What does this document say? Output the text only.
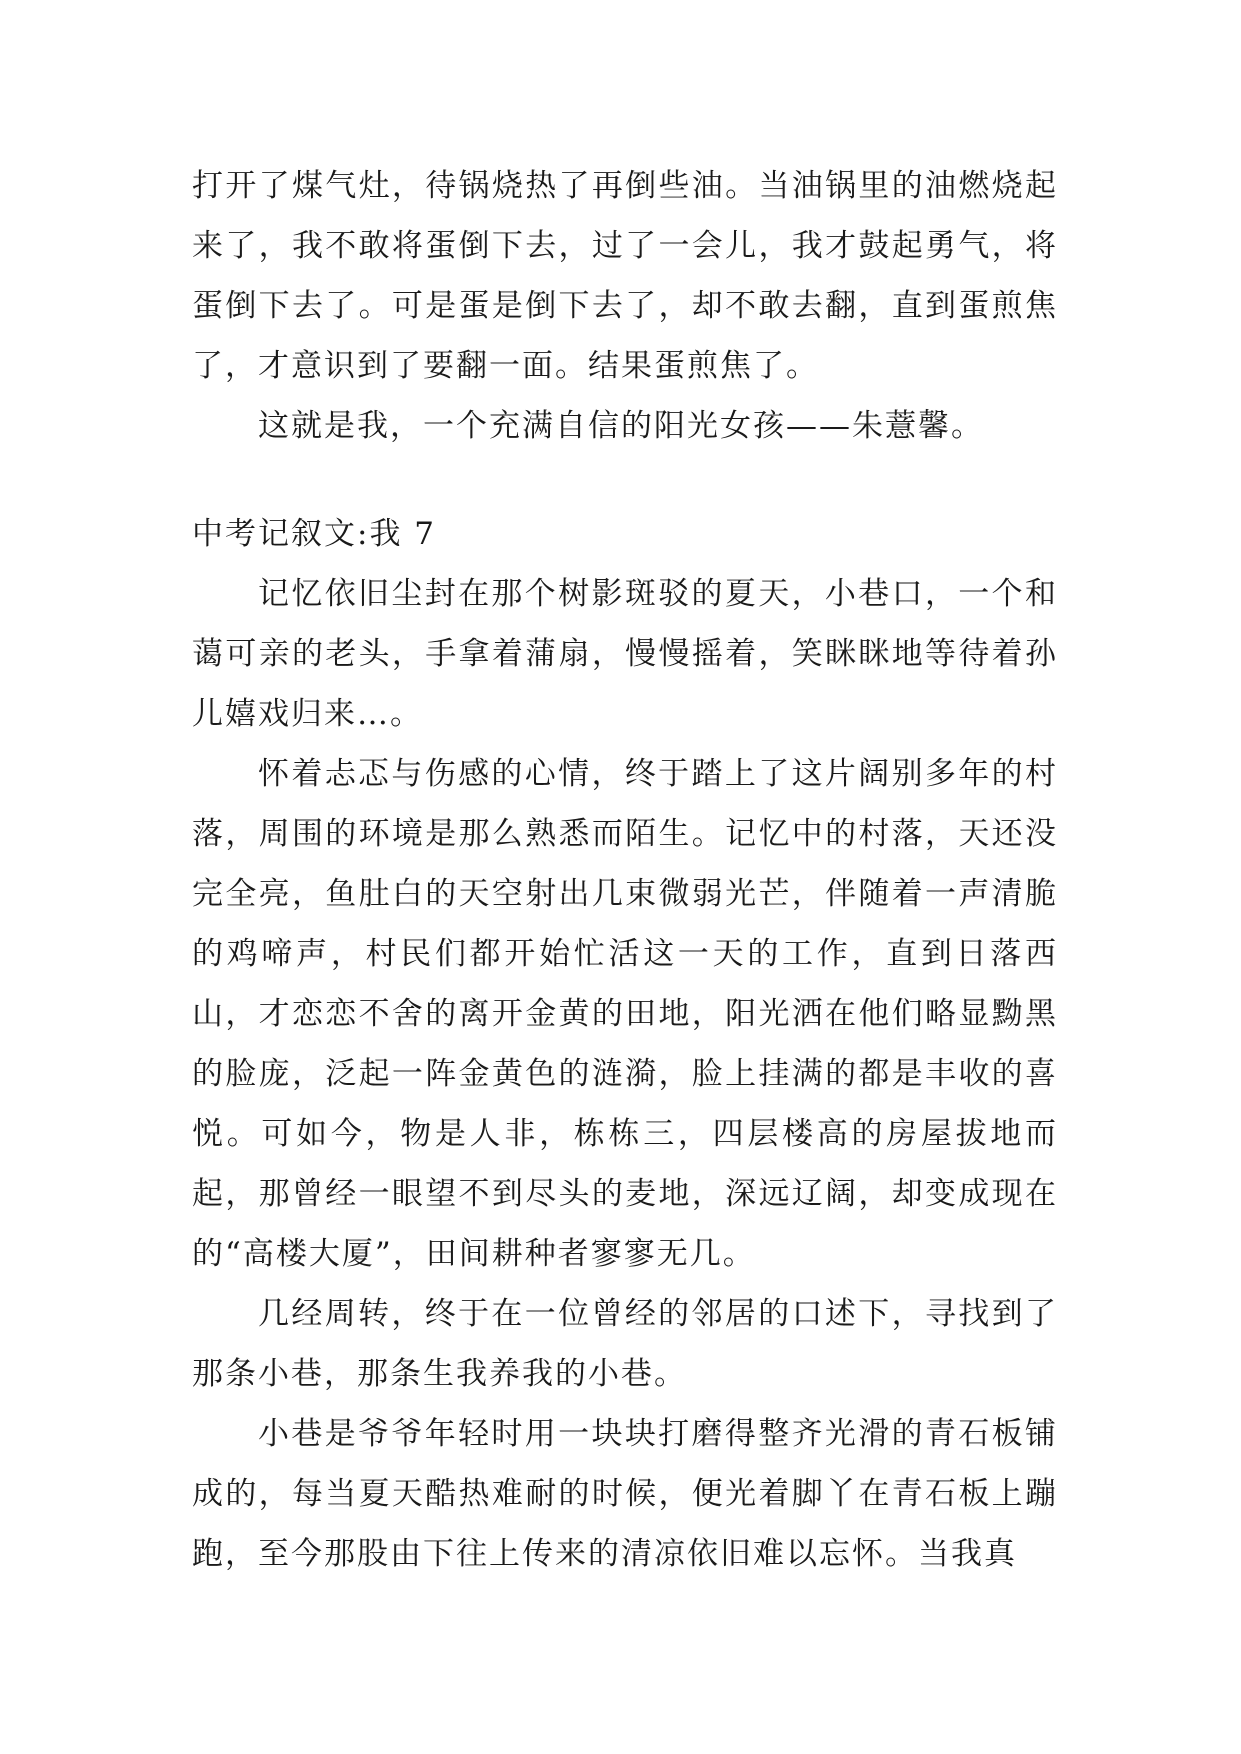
打开了煤气灶，待锅烧热了再倒些油。当油锅里的油燃烧起来了，我不敢将蛋倒下去，过了一会儿，我才鼓起勇气，将蛋倒下去了。可是蛋是倒下去了，却不敢去翻，直到蛋煎焦了，才意识到了要翻一面。结果蛋煎焦了。

这就是我，一个充满自信的阳光女孩——朱薏馨。

中考记叙文:我 7

记忆依旧尘封在那个树影斑驳的夏天，小巷口，一个和蔼可亲的老头，手拿着蒲扇，慢慢摇着，笑眯眯地等待着孙儿嬉戏归来…。

怀着忐忑与伤感的心情，终于踏上了这片阔别多年的村落，周围的环境是那么熟悉而陌生。记忆中的村落，天还没完全亮，鱼肚白的天空射出几束微弱光芒，伴随着一声清脆的鸡啼声，村民们都开始忙活这一天的工作，直到日落西山，才恋恋不舍的离开金黄的田地，阳光洒在他们略显黝黑的脸庞，泛起一阵金黄色的涟漪，脸上挂满的都是丰收的喜悦。可如今，物是人非，栋栋三，四层楼高的房屋拔地而起，那曾经一眼望不到尽头的麦地，深远辽阔，却变成现在的“高楼大厦”，田间耕种者寥寥无几。

几经周转，终于在一位曾经的邻居的口述下，寻找到了那条小巷，那条生我养我的小巷。

小巷是爷爷年轻时用一块块打磨得整齐光滑的青石板铺成的，每当夏天酷热难耐的时候，便光着脚丫在青石板上蹦跑，至今那股由下往上传来的清凉依旧难以忘怀。当我真
